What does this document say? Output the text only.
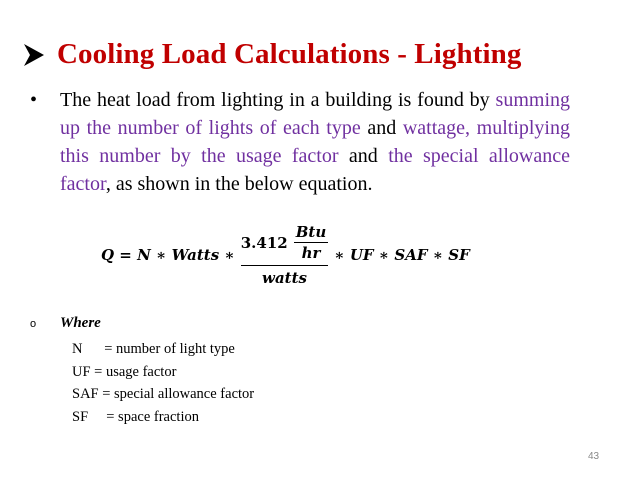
Cooling Load Calculations - Lighting
•	The heat load from lighting in a building is found by summing up the number of lights of each type and wattage, multiplying this number by the usage factor and the special allowance factor, as shown in the below equation.
Q = N ∗ Watts ∗ $\frac{3.412 \frac{\text{Btu}}{hr}}{\text{watts}}$ ∗ UF ∗ SAF ∗ SF
o	Where
N      = number of light type
UF = usage factor
SAF = special allowance factor
SF     = space fraction
43
